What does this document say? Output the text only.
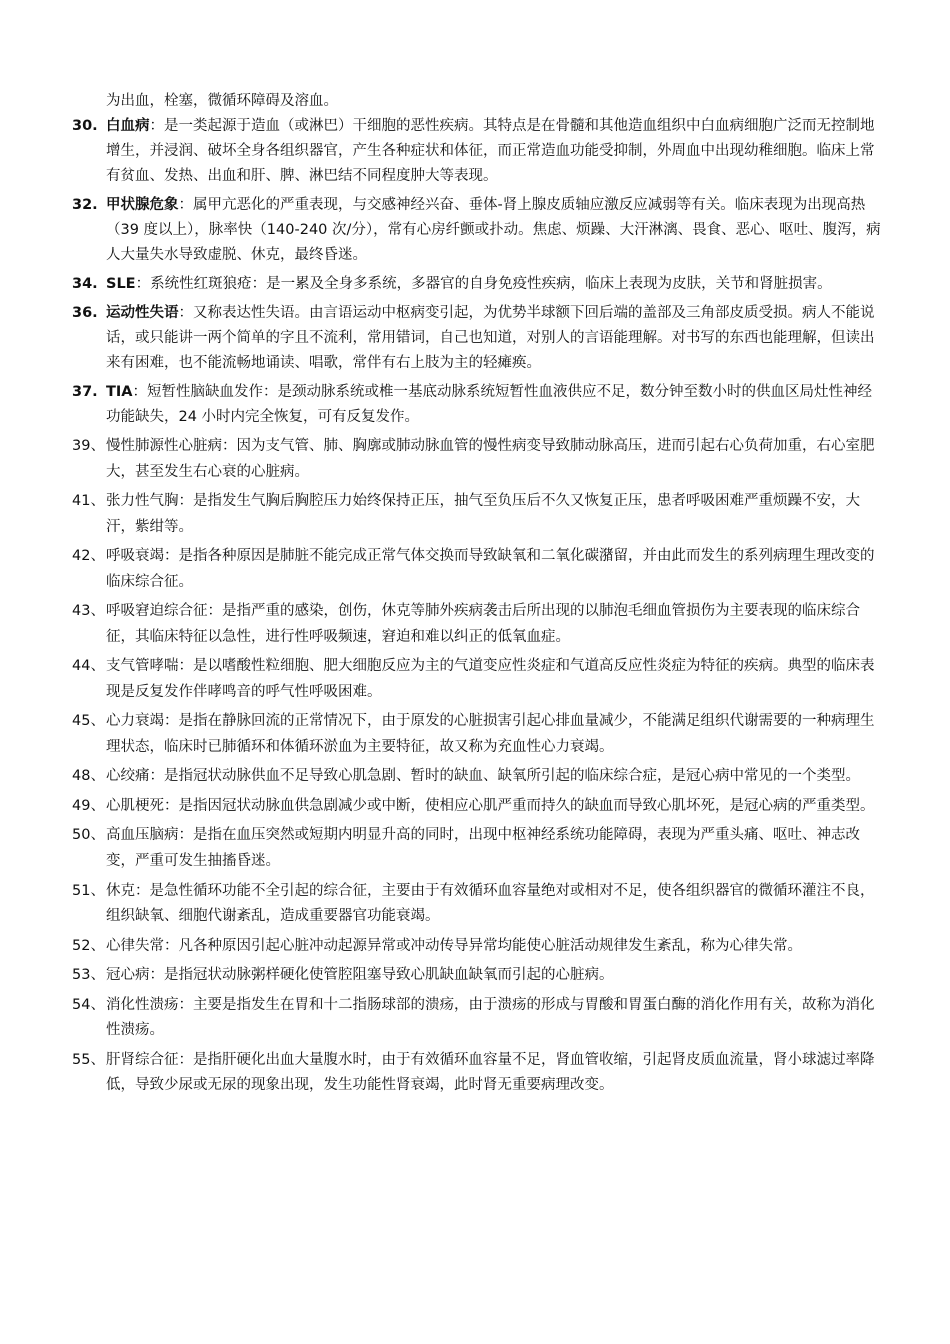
为出血，栓塞，微循环障碍及溶血。

30. 白血病：是一类起源于造血（或淋巴）干细胞的恶性疾病。其特点是在骨髓和其他造血组织中白血病细胞广泛而无控制地增生，并浸润、破坏全身各组织器官，产生各种症状和体征，而正常造血功能受抑制，外周血中出现幼稚细胞。临床上常有贫血、发热、出血和肝、脾、淋巴结不同程度肿大等表现。

32. 甲状腺危象：属甲亢恶化的严重表现，与交感神经兴奋、垂体-肾上腺皮质轴应激反应减弱等有关。临床表现为出现高热（39 度以上），脉率快（140-240 次/分），常有心房纤颤或扑动。焦虑、烦躁、大汗淋漓、畏食、恶心、呕吐、腹泻，病人大量失水导致虚脱、休克，最终昏迷。

34. SLE：系统性红斑狼疮：是一累及全身多系统，多器官的自身免疫性疾病，临床上表现为皮肤，关节和肾脏损害。

36. 运动性失语：又称表达性失语。由言语运动中枢病变引起，为优势半球额下回后端的盖部及三角部皮质受损。病人不能说话，或只能讲一两个简单的字且不流利，常用错词，自己也知道，对别人的言语能理解。对书写的东西也能理解，但读出来有困难，也不能流畅地诵读、唱歌，常伴有右上肢为主的轻瘫痪。

37. TIA：短暂性脑缺血发作：是颈动脉系统或椎一基底动脉系统短暂性血液供应不足，数分钟至数小时的供血区局灶性神经功能缺失，24 小时内完全恢复，可有反复发作。

39、 慢性肺源性心脏病：因为支气管、肺、胸廓或肺动脉血管的慢性病变导致肺动脉高压，进而引起右心负荷加重，右心室肥大，甚至发生右心衰的心脏病。

41、 张力性气胸：是指发生气胸后胸腔压力始终保持正压，抽气至负压后不久又恢复正压，患者呼吸困难严重烦躁不安，大汗，紫绀等。

42、 呼吸衰竭：是指各种原因是肺脏不能完成正常气体交换而导致缺氧和二氧化碳潴留，并由此而发生的系列病理生理改变的临床综合征。

43、 呼吸窘迫综合征：是指严重的感染，创伤，休克等肺外疾病袭击后所出现的以肺泡毛细血管损伤为主要表现的临床综合征，其临床特征以急性，进行性呼吸频速，窘迫和难以纠正的低氧血症。

44、 支气管哮喘：是以嗜酸性粒细胞、肥大细胞反应为主的气道变应性炎症和气道高反应性炎症为特征的疾病。典型的临床表现是反复发作伴哮鸣音的呼气性呼吸困难。

45、 心力衰竭：是指在静脉回流的正常情况下，由于原发的心脏损害引起心排血量减少，不能满足组织代谢需要的一种病理生理状态，临床时已肺循环和体循环淤血为主要特征，故又称为充血性心力衰竭。

48、 心绞痛：是指冠状动脉供血不足导致心肌急剧、暂时的缺血、缺氧所引起的临床综合症，是冠心病中常见的一个类型。

49、 心肌梗死：是指因冠状动脉血供急剧减少或中断，使相应心肌严重而持久的缺血而导致心肌坏死，是冠心病的严重类型。

50、 高血压脑病：是指在血压突然或短期内明显升高的同时，出现中枢神经系统功能障碍，表现为严重头痛、呕吐、神志改变，严重可发生抽搐昏迷。

51、 休克：是急性循环功能不全引起的综合征，主要由于有效循环血容量绝对或相对不足，使各组织器官的微循环灌注不良，组织缺氧、细胞代谢紊乱，造成重要器官功能衰竭。

52、 心律失常：凡各种原因引起心脏冲动起源异常或冲动传导异常均能使心脏活动规律发生紊乱，称为心律失常。

53、 冠心病：是指冠状动脉粥样硬化使管腔阻塞导致心肌缺血缺氧而引起的心脏病。

54、 消化性溃疡：主要是指发生在胃和十二指肠球部的溃疡，由于溃疡的形成与胃酸和胃蛋白酶的消化作用有关，故称为消化性溃疡。

55、 肝肾综合征：是指肝硬化出血大量腹水时，由于有效循环血容量不足，肾血管收缩，引起肾皮质血流量，肾小球滤过率降低，导致少尿或无尿的现象出现，发生功能性肾衰竭，此时肾无重要病理改变。
